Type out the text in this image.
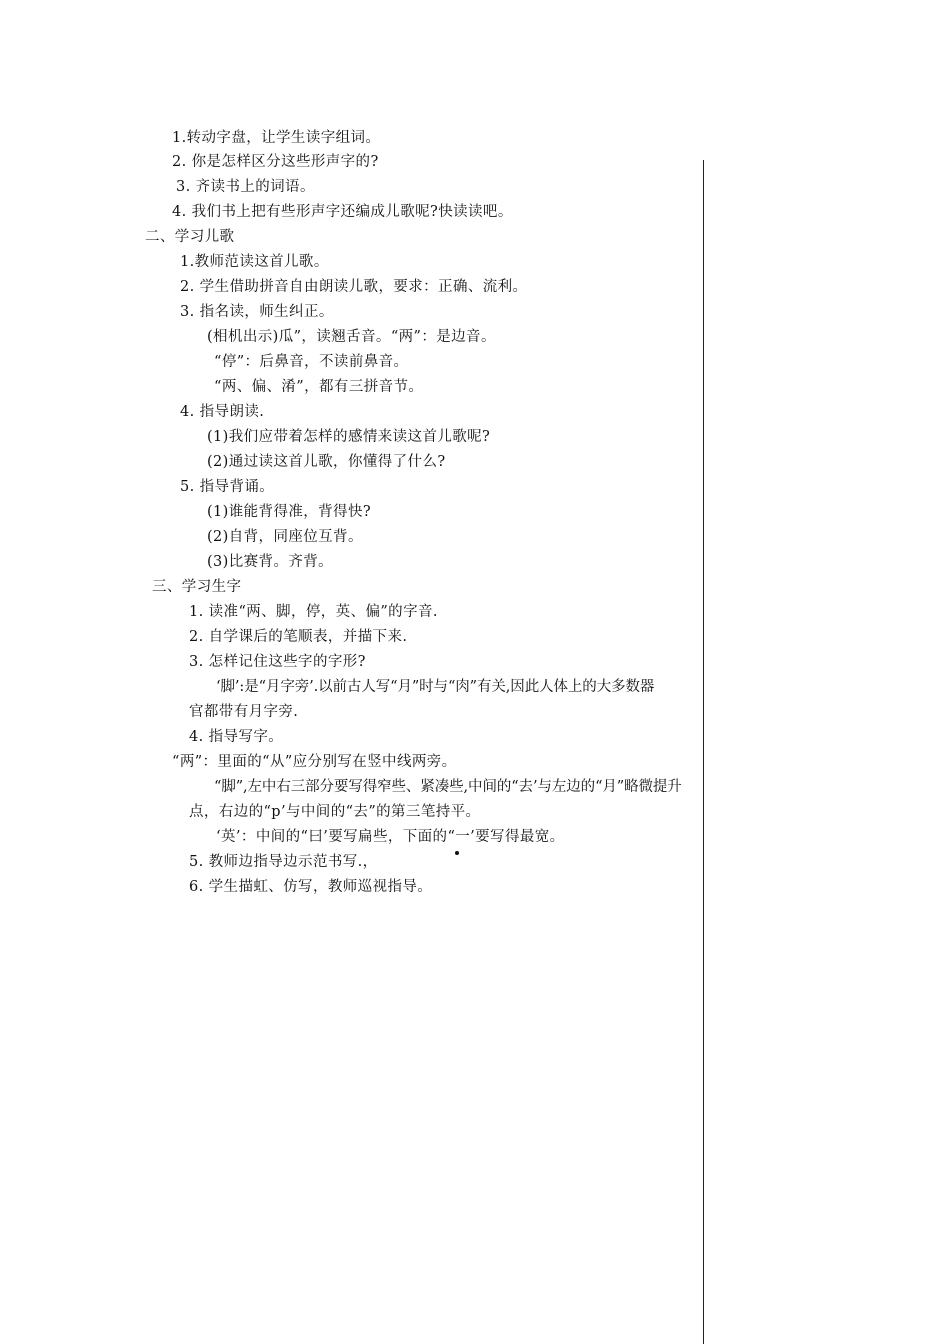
1.转动字盘，让学生读字组词。
2. 你是怎样区分这些形声字的?
3. 齐读书上的词语。
4. 我们书上把有些形声字还编成儿歌呢?快读读吧。
二、学习儿歌
1.教师范读这首儿歌。
2. 学生借助拼音自由朗读儿歌，要求：正确、流利。
3. 指名读，师生纠正。
(相机出示)瓜”，读翘舌音。“两”：是边音。
“停”：后鼻音，不读前鼻音。
“两、偏、淆”，都有三拼音节。
4. 指导朗读.
(1)我们应带着怎样的感情来读这首儿歌呢?
(2)通过读这首儿歌，你懂得了什么?
5. 指导背诵。
(1)谁能背得准，背得快?
(2)自背，同座位互背。
(3)比赛背。齐背。
三、学习生字
1. 读准“两、脚，停，英、偏”的字音.
2. 自学课后的笔顺表，并描下来.
3. 怎样记住这些字的字形?
‘脚’:是“月字旁’.以前古人写“月”时与“肉”有关,因此人体上的大多数器
官都带有月字旁.
4. 指导写字。
“两”：里面的“从”应分别写在竖中线两旁。
“脚”,左中右三部分要写得窄些、紧凑些,中间的“去’与左边的“月”略微提升
点，右边的“p’与中间的“去”的第三笔持平。
‘英’：中间的“曰’要写扁些，下面的“一’要写得最宽。
5. 教师边指导边示范书写.，
6. 学生描虹、仿写，教师巡视指导。
